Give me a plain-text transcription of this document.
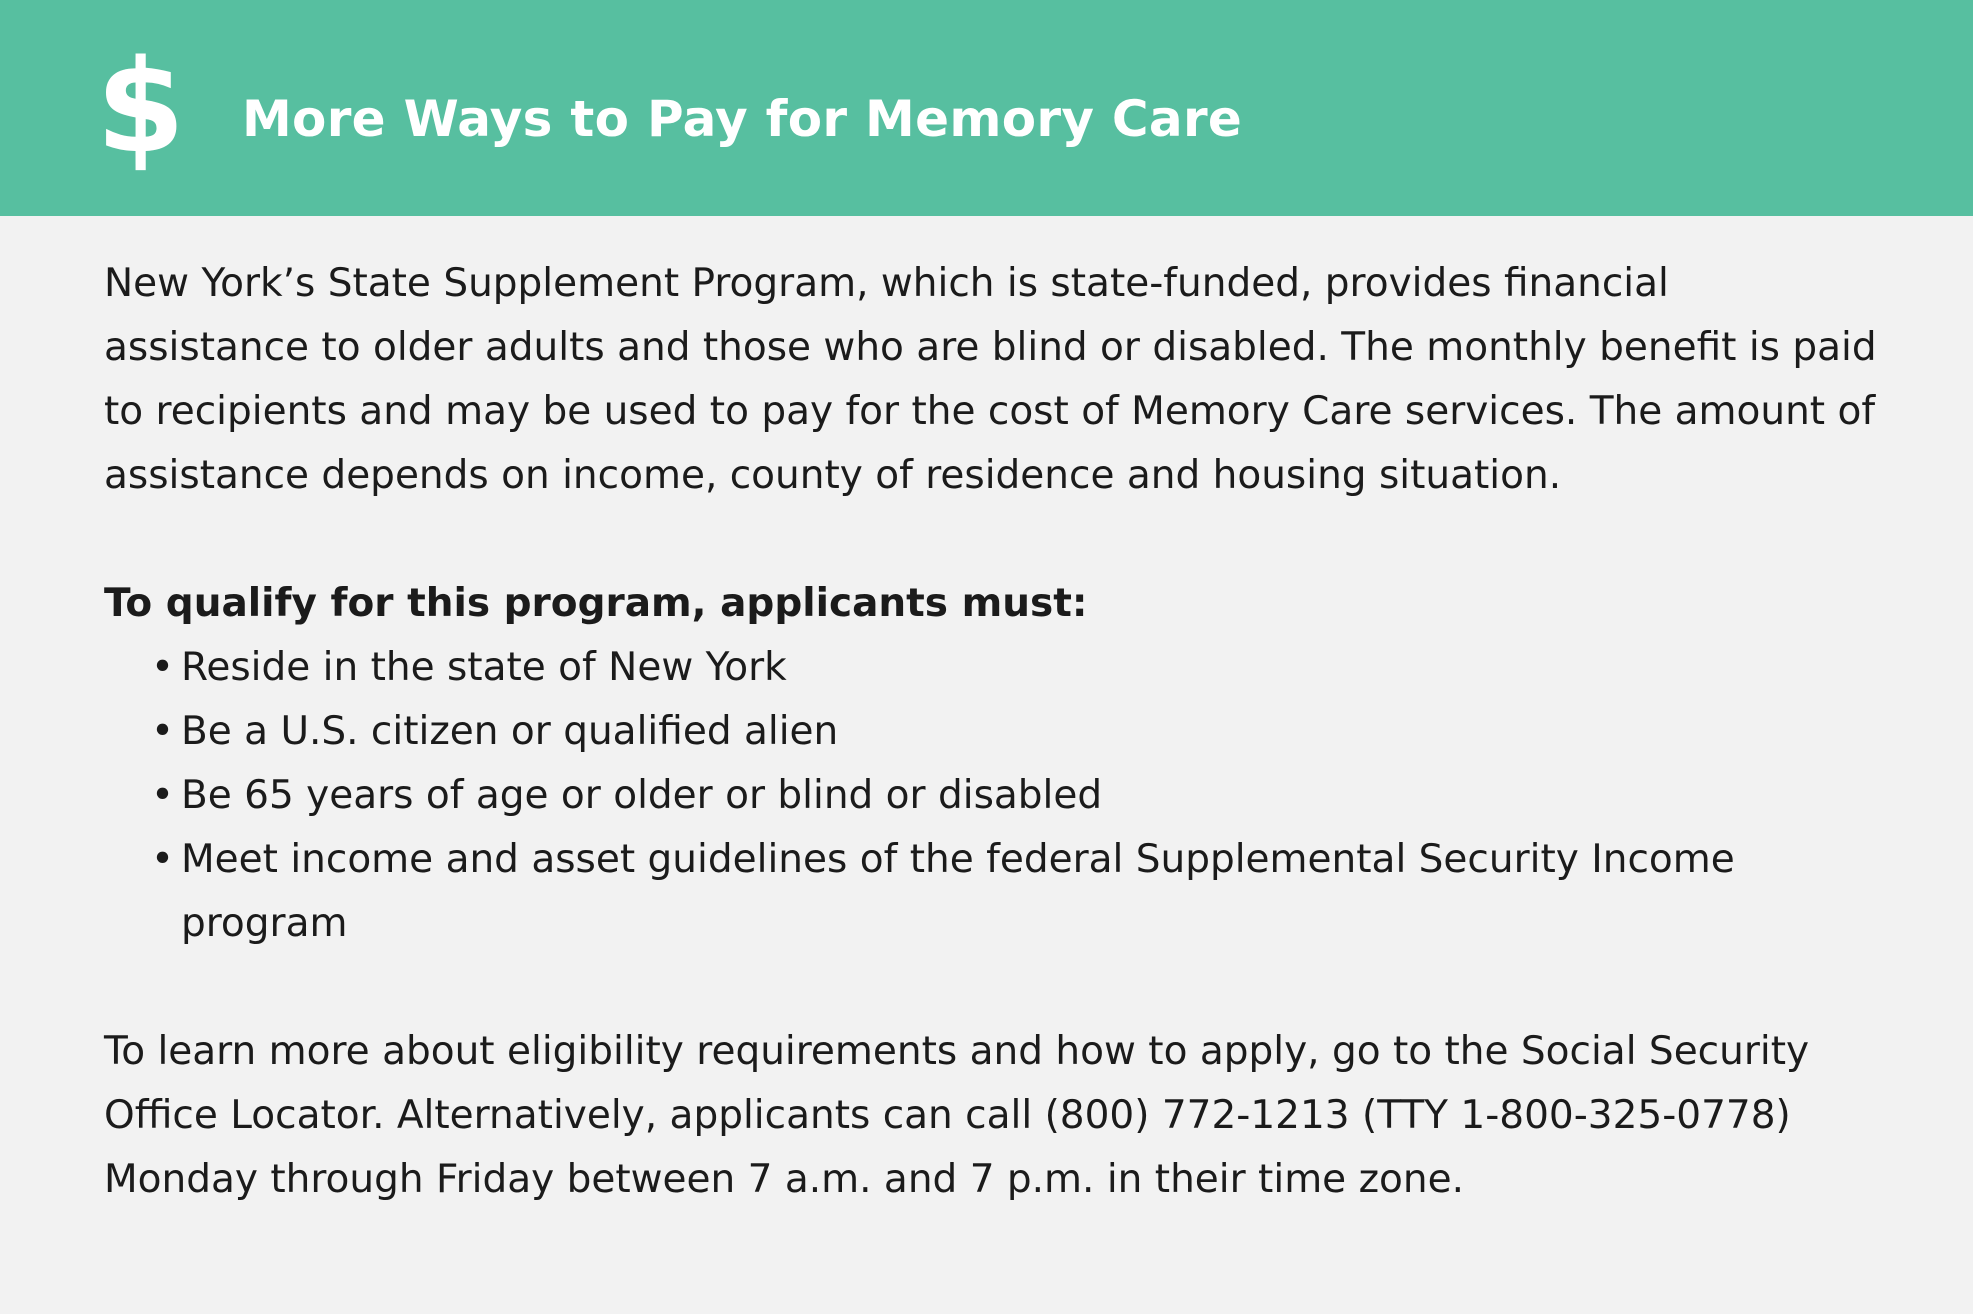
$ More Ways to Pay for Memory Care

New York’s State Supplement Program, which is state-funded, provides financial assistance to older adults and those who are blind or disabled. The monthly benefit is paid to recipients and may be used to pay for the cost of Memory Care services. The amount of assistance depends on income, county of residence and housing situation.

To qualify for this program, applicants must:
• Reside in the state of New York
• Be a U.S. citizen or qualified alien
• Be 65 years of age or older or blind or disabled
• Meet income and asset guidelines of the federal Supplemental Security Income program

To learn more about eligibility requirements and how to apply, go to the Social Security Office Locator. Alternatively, applicants can call (800) 772-1213 (TTY 1-800-325-0778) Monday through Friday between 7 a.m. and 7 p.m. in their time zone.
